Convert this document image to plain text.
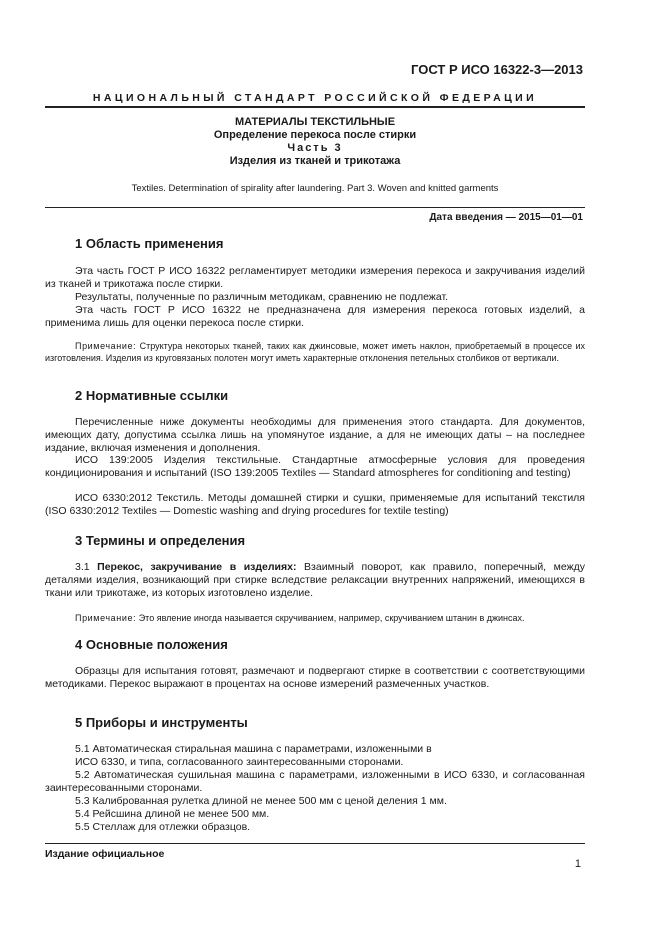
ГОСТ Р ИСО 16322-3—2013
НАЦИОНАЛЬНЫЙ СТАНДАРТ РОССИЙСКОЙ ФЕДЕРАЦИИ
МАТЕРИАЛЫ ТЕКСТИЛЬНЫЕ
Определение перекоса после стирки
Часть 3
Изделия из тканей и трикотажа
Textiles. Determination of spirality after laundering. Part 3. Woven and knitted garments
Дата введения — 2015—01—01
1 Область применения
Эта часть ГОСТ Р ИСО 16322 регламентирует методики измерения перекоса и закручивания изделий из тканей и трикотажа после стирки.
Результаты, полученные по различным методикам, сравнению не подлежат.
Эта часть ГОСТ Р ИСО 16322 не предназначена для измерения перекоса готовых изделий, а применима лишь для оценки перекоса после стирки.
Примечание: Структура некоторых тканей, таких как джинсовые, может иметь наклон, приобретаемый в процессе их изготовления. Изделия из круговязаных полотен могут иметь характерные отклонения петельных столбиков от вертикали.
2 Нормативные ссылки
Перечисленные ниже документы необходимы для применения этого стандарта. Для документов, имеющих дату, допустима ссылка лишь на упомянутое издание, а для не имеющих даты – на последнее издание, включая изменения и дополнения.
ИСО 139:2005 Изделия текстильные. Стандартные атмосферные условия для проведения кондиционирования и испытаний (ISO 139:2005 Textiles — Standard atmospheres for conditioning and testing)
ИСО 6330:2012 Текстиль. Методы домашней стирки и сушки, применяемые для испытаний текстиля (ISO 6330:2012 Textiles — Domestic washing and drying procedures for textile testing)
3 Термины и определения
3.1 Перекос, закручивание в изделиях: Взаимный поворот, как правило, поперечный, между деталями изделия, возникающий при стирке вследствие релаксации внутренних напряжений, имеющихся в ткани или трикотаже, из которых изготовлено изделие.
Примечание: Это явление иногда называется скручиванием, например, скручиванием штанин в джинсах.
4 Основные положения
Образцы для испытания готовят, размечают и подвергают стирке в соответствии с соответствующими методиками. Перекос выражают в процентах на основе измерений размеченных участков.
5 Приборы и инструменты
5.1 Автоматическая стиральная машина с параметрами, изложенными в
ИСО 6330, и типа, согласованного заинтересованными сторонами.
5.2 Автоматическая сушильная машина с параметрами, изложенными в ИСО 6330, и согласованная заинтересованными сторонами.
5.3 Калиброванная рулетка длиной не менее 500 мм с ценой деления 1 мм.
5.4 Рейсшина длиной не менее 500 мм.
5.5 Стеллаж для отлежки образцов.
Издание официальное
1
